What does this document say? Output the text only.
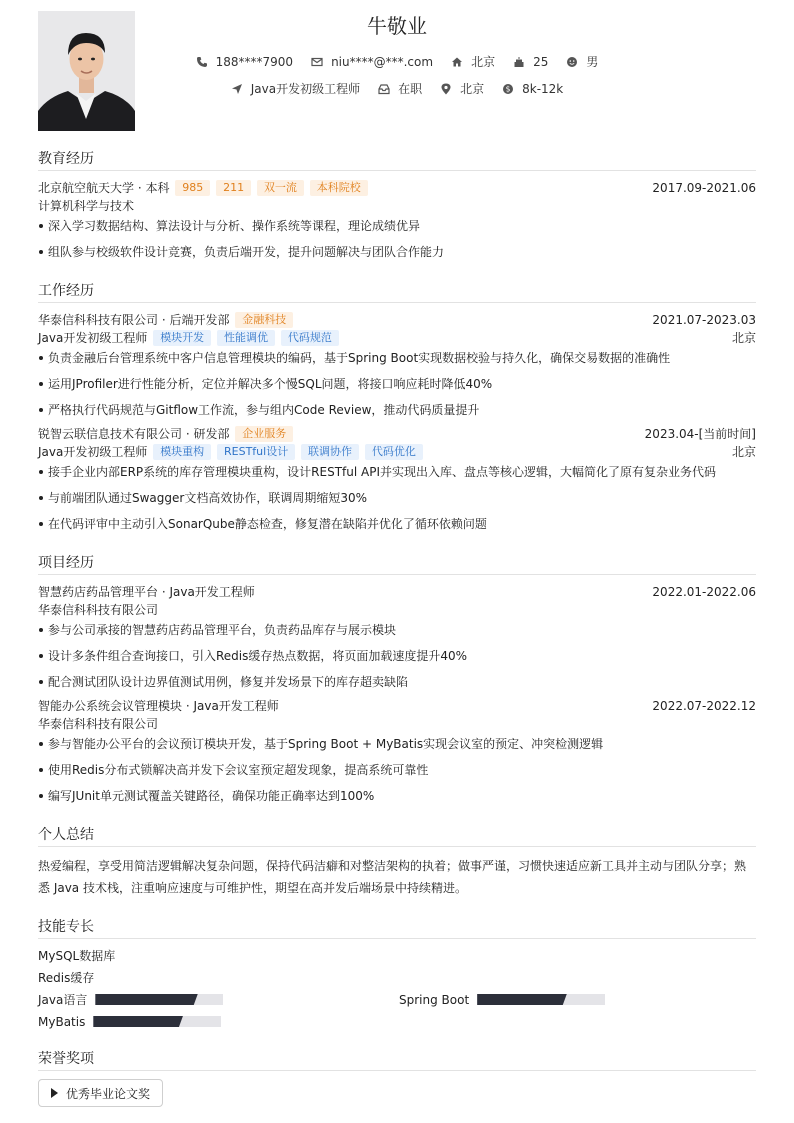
牛敬业
188****7900	niu****@***.com	北京	25	男
Java开发初级工程师	在职	北京	$ 8k-12k
教育经历
北京航空航天大学 · 本科 985 211 双一流 本科院校	2017.09-2021.06
计算机科学与技术
深入学习数据结构、算法设计与分析、操作系统等课程，理论成绩优异
组队参与校级软件设计竞赛，负责后端开发，提升问题解决与团队合作能力
工作经历
华泰信科科技有限公司 · 后端开发部 金融科技	2021.07-2023.03
Java开发初级工程师 模块开发 性能调优 代码规范	北京
负责金融后台管理系统中客户信息管理模块的编码，基于Spring Boot实现数据校验与持久化，确保交易数据的准确性
运用JProfiler进行性能分析，定位并解决多个慢SQL问题，将接口响应耗时降低40%
严格执行代码规范与Gitflow工作流，参与组内Code Review，推动代码质量提升
锐智云联信息技术有限公司 · 研发部 企业服务	2023.04-[当前时间]
Java开发初级工程师 模块重构 RESTful设计 联调协作 代码优化	北京
接手企业内部ERP系统的库存管理模块重构，设计RESTful API并实现出入库、盘点等核心逻辑，大幅简化了原有复杂业务代码
与前端团队通过Swagger文档高效协作，联调周期缩短30%
在代码评审中主动引入SonarQube静态检查，修复潜在缺陷并优化了循环依赖问题
项目经历
智慧药店药品管理平台 · Java开发工程师	2022.01-2022.06
华泰信科科技有限公司
参与公司承接的智慧药店药品管理平台，负责药品库存与展示模块
设计多条件组合查询接口，引入Redis缓存热点数据，将页面加载速度提升40%
配合测试团队设计边界值测试用例，修复并发场景下的库存超卖缺陷
智能办公系统会议管理模块 · Java开发工程师	2022.07-2022.12
华泰信科科技有限公司
参与智能办公平台的会议预订模块开发，基于Spring Boot + MyBatis实现会议室的预定、冲突检测逻辑
使用Redis分布式锁解决高并发下会议室预定超发现象，提高系统可靠性
编写JUnit单元测试覆盖关键路径，确保功能正确率达到100%
个人总结
热爱编程，享受用简洁逻辑解决复杂问题，保持代码洁癖和对整洁架构的执着；做事严谨，习惯快速适应新工具并主动与团队分享；熟
悉 Java 技术栈，注重响应速度与可维护性，期望在高并发后端场景中持续精进。
技能专长
MySQL数据库
Redis缓存
Java语言	Spring Boot
MyBatis
荣誉奖项
优秀毕业论文奖
